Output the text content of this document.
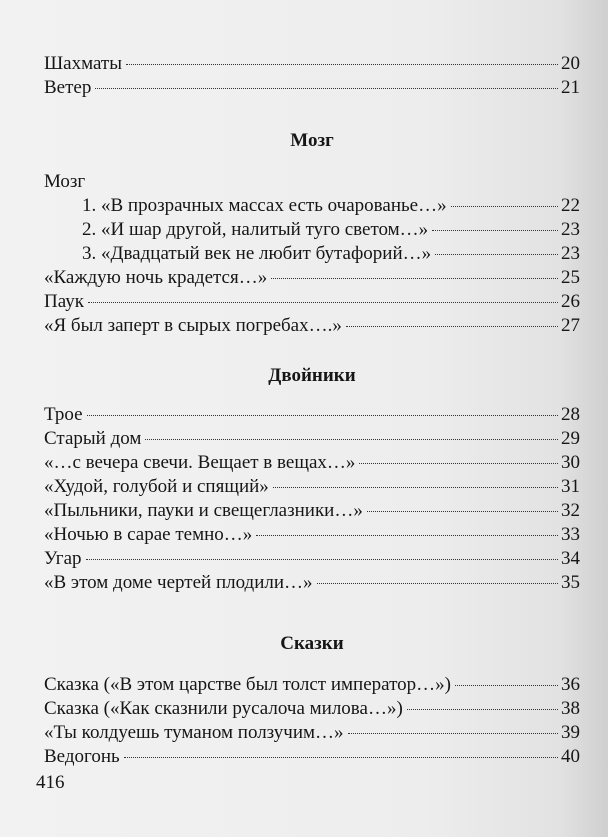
Шахматы	20
Ветер	21
Мозг
Мозг
1. «В прозрачных массах есть очарованье…»	22
2. «И шар другой, налитый туго светом…»	23
3. «Двадцатый век не любит бутафорий…»	23
«Каждую ночь крадется…»	25
Паук	26
«Я был заперт в сырых погребах….»	27
Двойники
Трое	28
Старый дом	29
«…с вечера свечи. Вещает в вещах…»	30
«Худой, голубой и спящий»	31
«Пыльники, пауки и свещеглазники…»	32
«Ночью в сарае темно…»	33
Угар	34
«В этом доме чертей плодили…»	35
Сказки
Сказка («В этом царстве был толст император…»)	36
Сказка («Как сказнили русалоча милова…»)	38
«Ты колдуешь туманом ползучим…»	39
Ведогонь	40
416
